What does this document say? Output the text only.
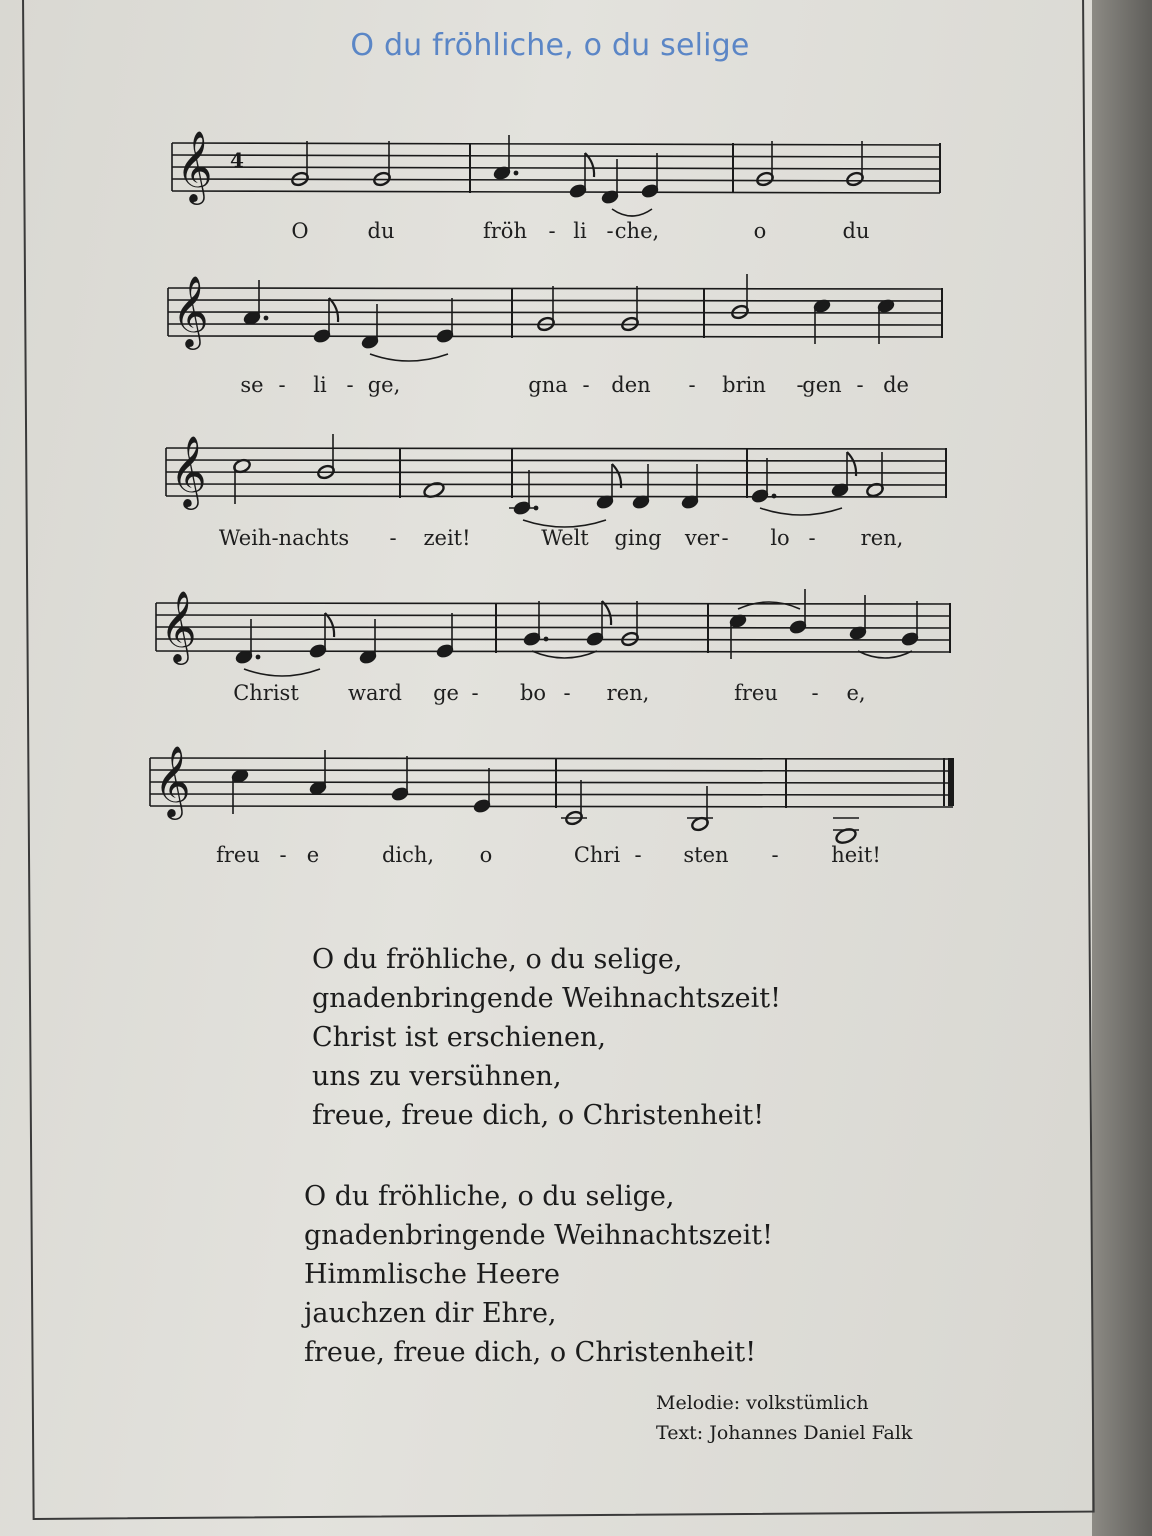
O du fröhliche, o du selige
𝄞 4
O	du	fröh - li - che,	o	du
𝄞
se - li - ge,	gna - den - brin -
gen - de
𝄞
Weih-nachts - zeit!	Welt ging ver - lo - ren,
𝄞
Christ ward ge - bo - ren,	freu - e,
𝄞
freu - e	dich, o	Chri - sten -	heit!
O du fröhliche, o du selige,
gnadenbringende Weihnachtszeit!
Christ ist erschienen,
uns zu versühnen,
freue, freue dich, o Christenheit!
O du fröhliche, o du selige,
gnadenbringende Weihnachtszeit!
Himmlische Heere
jauchzen dir Ehre,
freue, freue dich, o Christenheit!
Melodie: volkstümlich
Text: Johannes Daniel Falk
